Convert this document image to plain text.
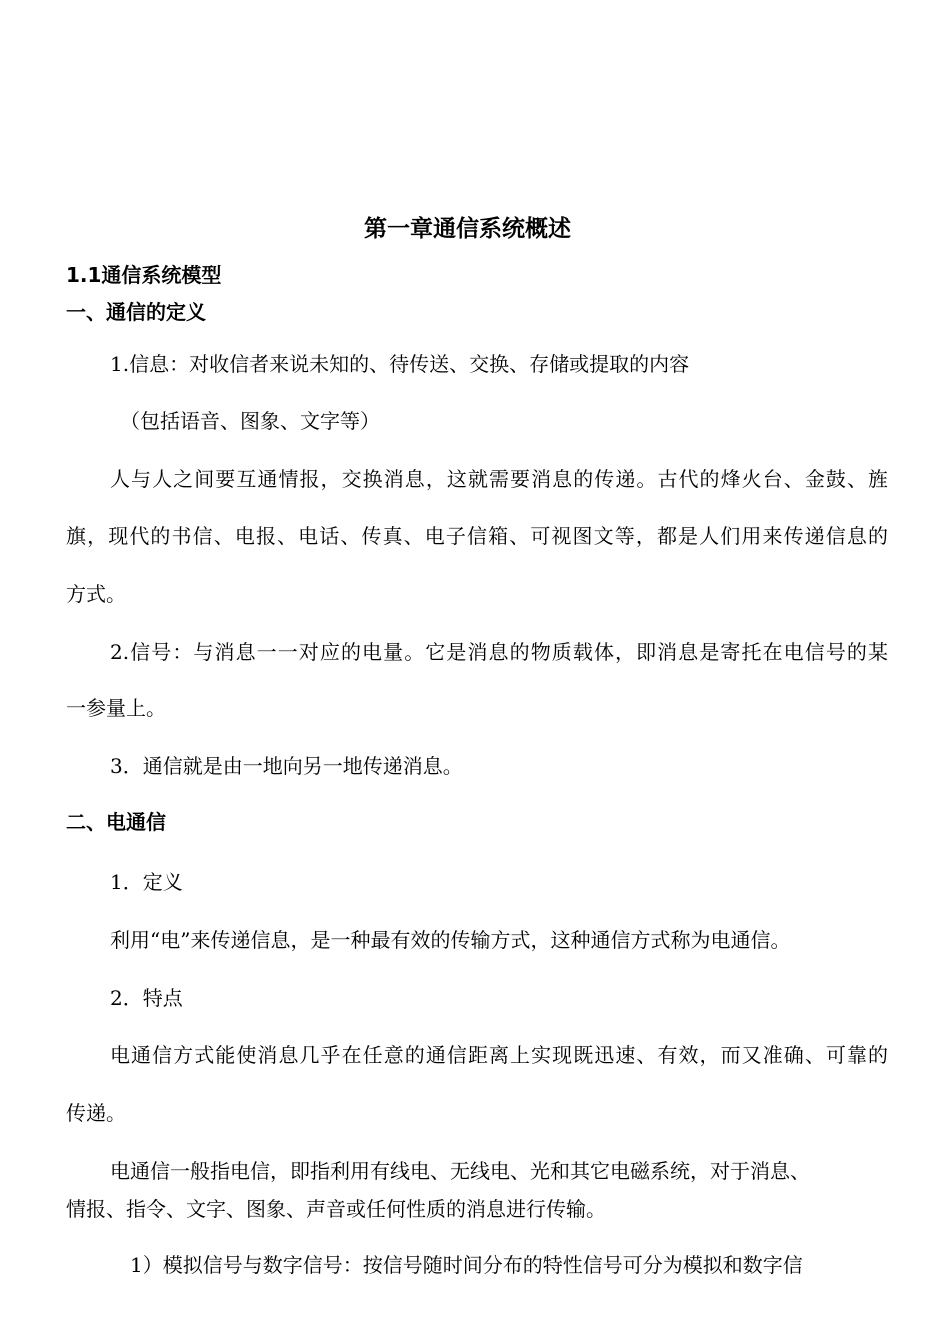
第一章通信系统概述
1.1通信系统模型
一、通信的定义
1.信息：对收信者来说未知的、待传送、交换、存储或提取的内容
（包括语音、图象、文字等）
人与人之间要互通情报，交换消息，这就需要消息的传递。古代的烽火台、金鼓、旌
旗，现代的书信、电报、电话、传真、电子信箱、可视图文等，都是人们用来传递信息的
方式。
2.信号：与消息一一对应的电量。它是消息的物质载体，即消息是寄托在电信号的某
一参量上。
3．通信就是由一地向另一地传递消息。
二、电通信
1．定义
利用“电”来传递信息，是一种最有效的传输方式，这种通信方式称为电通信。
2．特点
电通信方式能使消息几乎在任意的通信距离上实现既迅速、有效，而又准确、可靠的
传递。
电通信一般指电信，即指利用有线电、无线电、光和其它电磁系统，对于消息、
情报、指令、文字、图象、声音或任何性质的消息进行传输。
1）模拟信号与数字信号：按信号随时间分布的特性信号可分为模拟和数字信
